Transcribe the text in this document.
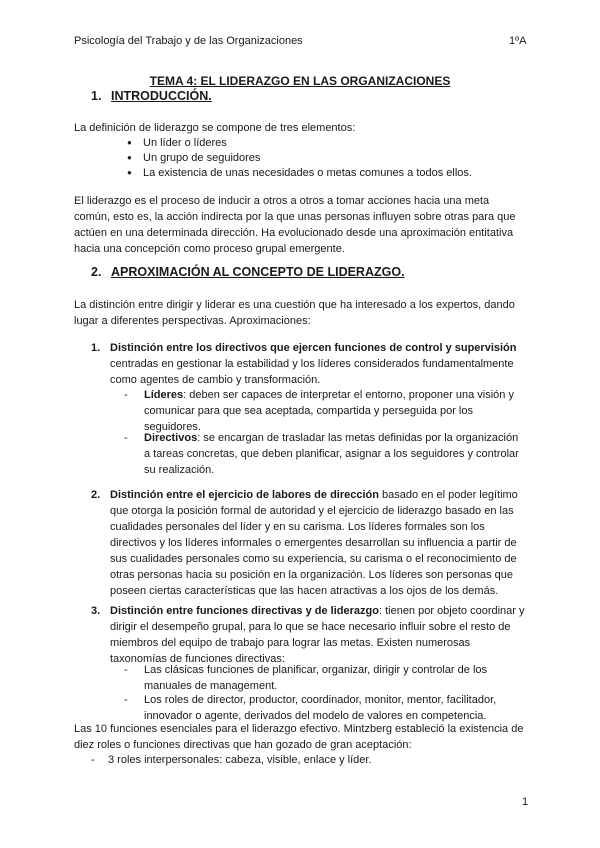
Psicología del Trabajo y de las Organizaciones	1ºA
TEMA 4: EL LIDERAZGO EN LAS ORGANIZACIONES
1. INTRODUCCIÓN.
La definición de liderazgo se compone de tres elementos:
● Un líder o líderes
● Un grupo de seguidores
● La existencia de unas necesidades o metas comunes a todos ellos.
El liderazgo es el proceso de inducir a otros a otros a tomar acciones hacia una meta común, esto es, la acción indirecta por la que unas personas influyen sobre otras para que actúen en una determinada dirección. Ha evolucionado desde una aproximación entitativa hacia una concepción como proceso grupal emergente.
2. APROXIMACIÓN AL CONCEPTO DE LIDERAZGO.
La distinción entre dirigir y liderar es una cuestión que ha interesado a los expertos, dando lugar a diferentes perspectivas. Aproximaciones:
1. Distinción entre los directivos que ejercen funciones de control y supervisión centradas en gestionar la estabilidad y los líderes considerados fundamentalmente como agentes de cambio y transformación.
- Líderes: deben ser capaces de interpretar el entorno, proponer una visión y comunicar para que sea aceptada, compartida y perseguida por los seguidores.
- Directivos: se encargan de trasladar las metas definidas por la organización a tareas concretas, que deben planificar, asignar a los seguidores y controlar su realización.
2. Distinción entre el ejercicio de labores de dirección basado en el poder legítimo que otorga la posición formal de autoridad y el ejercicio de liderazgo basado en las cualidades personales del líder y en su carisma. Los líderes formales son los directivos y los líderes informales o emergentes desarrollan su influencia a partir de sus cualidades personales como su experiencia, su carisma o el reconocimiento de otras personas hacia su posición en la organización. Los líderes son personas que poseen ciertas características que las hacen atractivas a los ojos de los demás.
3. Distinción entre funciones directivas y de liderazgo: tienen por objeto coordinar y dirigir el desempeño grupal, para lo que se hace necesario influir sobre el resto de miembros del equipo de trabajo para lograr las metas. Existen numerosas taxonomías de funciones directivas:
- Las clásicas funciones de planificar, organizar, dirigir y controlar de los manuales de management.
- Los roles de director, productor, coordinador, monitor, mentor, facilitador, innovador o agente, derivados del modelo de valores en competencia.
Las 10 funciones esenciales para el liderazgo efectivo. Mintzberg estableció la existencia de diez roles o funciones directivas que han gozado de gran aceptación:
- 3 roles interpersonales: cabeza, visible, enlace y líder.
1
